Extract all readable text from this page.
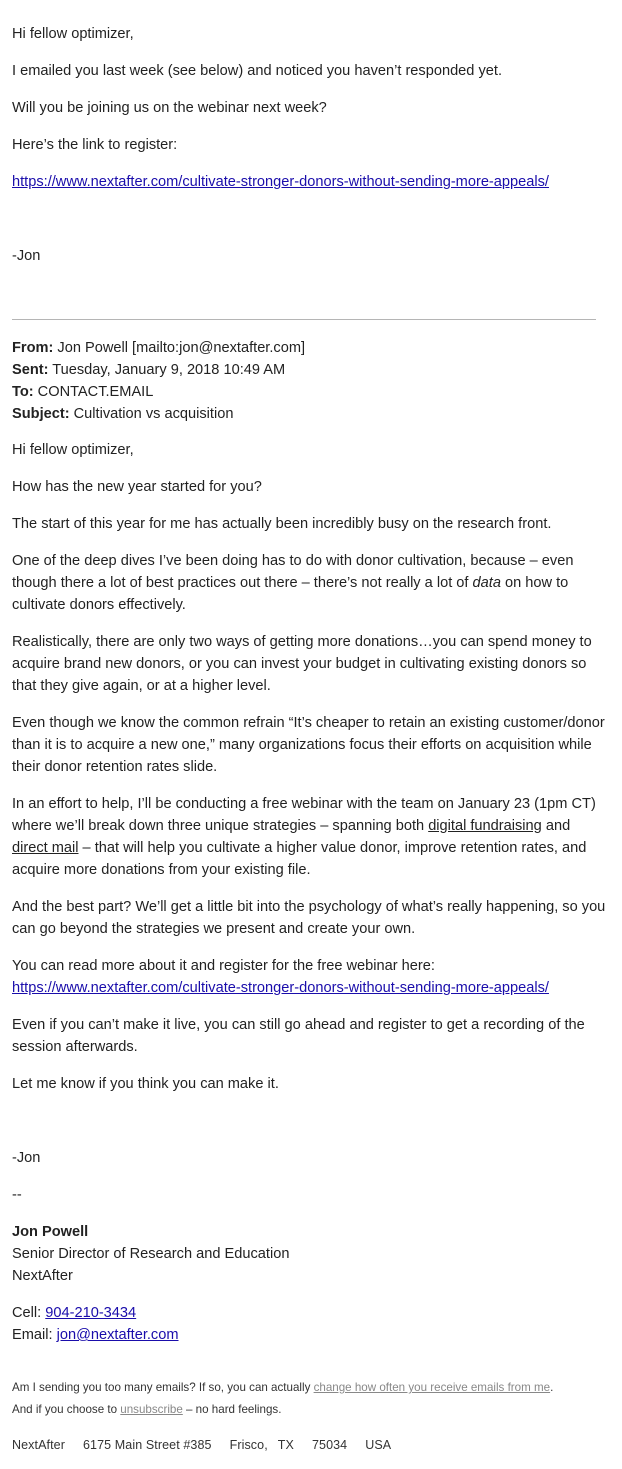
Hi fellow optimizer,

I emailed you last week (see below) and noticed you haven’t responded yet.

Will you be joining us on the webinar next week?

Here’s the link to register:

https://www.nextafter.com/cultivate-stronger-donors-without-sending-more-appeals/

-Jon

From: Jon Powell [mailto:jon@nextafter.com]
Sent: Tuesday, January 9, 2018 10:49 AM
To: CONTACT.EMAIL
Subject: Cultivation vs acquisition

Hi fellow optimizer,

How has the new year started for you?

The start of this year for me has actually been incredibly busy on the research front.

One of the deep dives I’ve been doing has to do with donor cultivation, because – even though there a lot of best practices out there – there’s not really a lot of data on how to cultivate donors effectively.

Realistically, there are only two ways of getting more donations…you can spend money to acquire brand new donors, or you can invest your budget in cultivating existing donors so that they give again, or at a higher level.

Even though we know the common refrain “It’s cheaper to retain an existing customer/donor than it is to acquire a new one,” many organizations focus their efforts on acquisition while their donor retention rates slide.

In an effort to help, I’ll be conducting a free webinar with the team on January 23 (1pm CT) where we’ll break down three unique strategies – spanning both digital fundraising and direct mail – that will help you cultivate a higher value donor, improve retention rates, and acquire more donations from your existing file.

And the best part? We’ll get a little bit into the psychology of what’s really happening, so you can go beyond the strategies we present and create your own.

You can read more about it and register for the free webinar here:
https://www.nextafter.com/cultivate-stronger-donors-without-sending-more-appeals/

Even if you can’t make it live, you can still go ahead and register to get a recording of the session afterwards.

Let me know if you think you can make it.

-Jon

--

Jon Powell
Senior Director of Research and Education
NextAfter
Cell: 904-210-3434
Email: jon@nextafter.com

Am I sending you too many emails? If so, you can actually change how often you receive emails from me. And if you choose to unsubscribe – no hard feelings.

NextAfter 6175 Main Street #385 Frisco, TX 75034 USA
